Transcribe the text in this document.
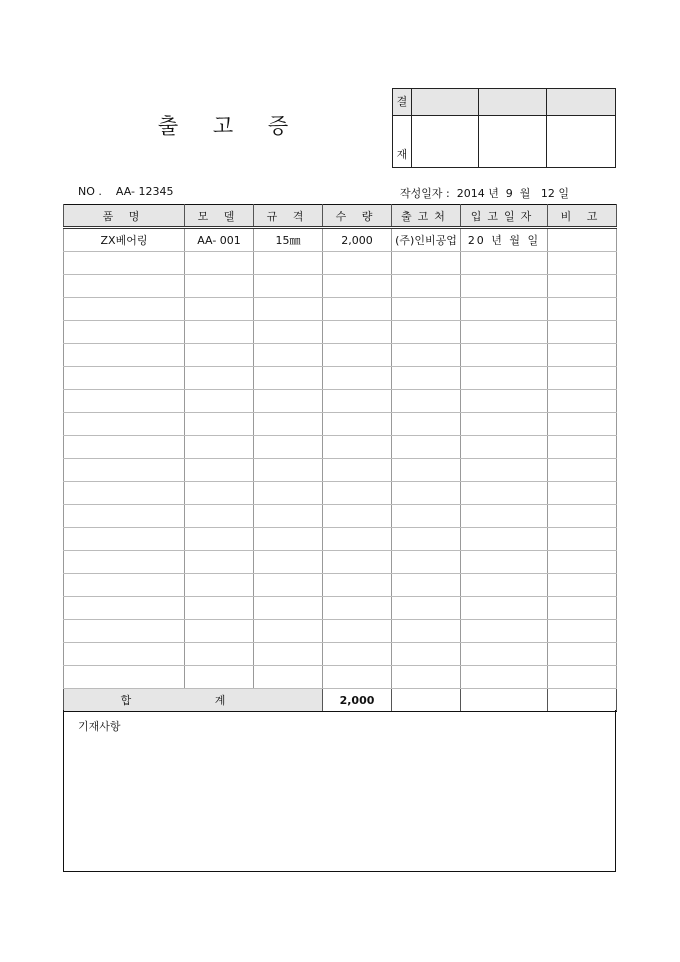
출 고 증
결			
재			
NO . AA- 12345	작성일자 :  2014 년  9  월   12 일
품 명	모 델	규 격	수 량	출고처	입고일자	비 고
ZX베어링	AA- 001	15㎜	2,000	(주)인비공업	20 년 월 일	

합 계			2,000			
기재사항
